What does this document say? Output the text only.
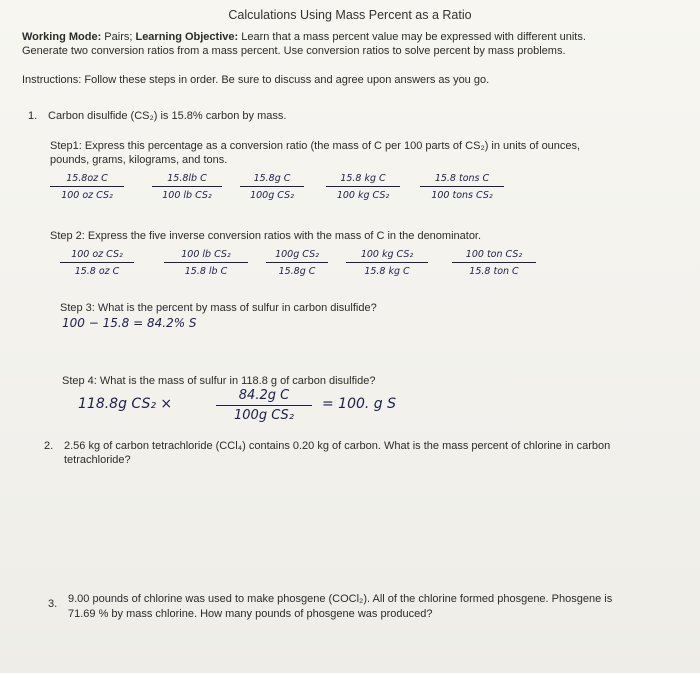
Calculations Using Mass Percent as a Ratio
Working Mode: Pairs; Learning Objective: Learn that a mass percent value may be expressed with different units.
Generate two conversion ratios from a mass percent. Use conversion ratios to solve percent by mass problems.
Instructions: Follow these steps in order. Be sure to discuss and agree upon answers as you go.
1. Carbon disulfide (CS₂) is 15.8% carbon by mass.
Step1: Express this percentage as a conversion ratio (the mass of C per 100 parts of CS₂) in units of ounces,
pounds, grams, kilograms, and tons.
15.8oz C
100 oz CS₂
15.8lb C
100 lb CS₂
15.8g C
100g CS₂
15.8 kg C
100 kg CS₂
15.8 tons C
100 tons CS₂
Step 2: Express the five inverse conversion ratios with the mass of C in the denominator.
100 oz CS₂
15.8 oz C
100 lb CS₂
15.8 lb C
100g CS₂
15.8g C
100 kg CS₂
15.8 kg C
100 ton CS₂
15.8 ton C
Step 3: What is the percent by mass of sulfur in carbon disulfide?
100 − 15.8 = 84.2% S
Step 4: What is the mass of sulfur in 118.8 g of carbon disulfide?
118.8g CS₂ ×
84.2g C
100g CS₂
= 100. g S
2. 2.56 kg of carbon tetrachloride (CCl₄) contains 0.20 kg of carbon. What is the mass percent of chlorine in carbon
tetrachloride?
3. 9.00 pounds of chlorine was used to make phosgene (COCl₂). All of the chlorine formed phosgene. Phosgene is
71.69 % by mass chlorine. How many pounds of phosgene was produced?
